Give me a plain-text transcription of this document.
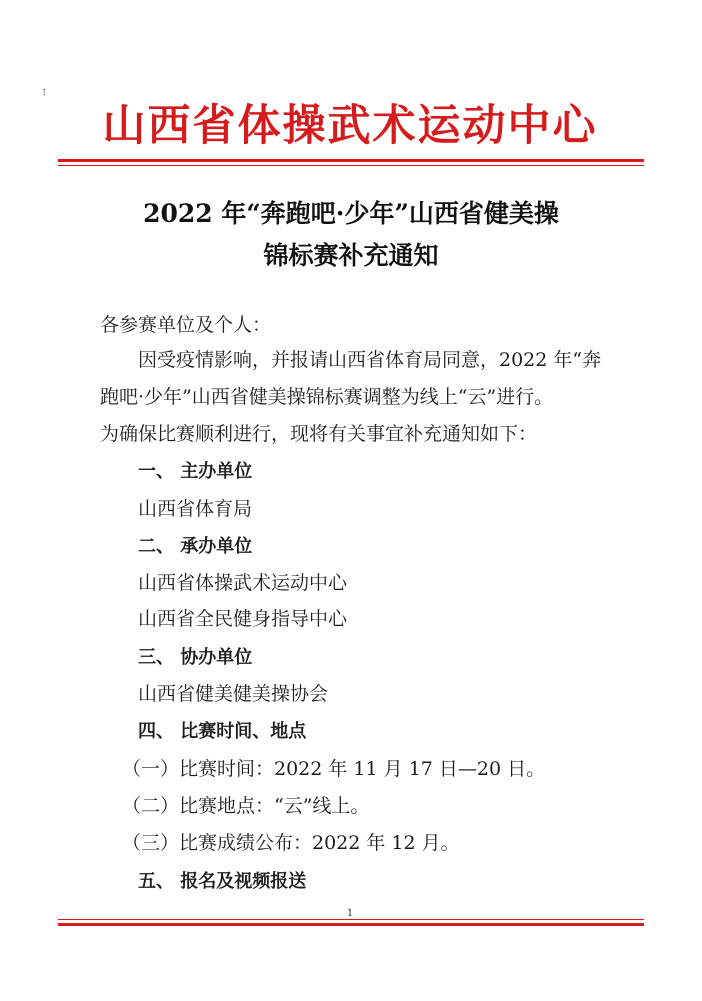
↑
山西省体操武术运动中心
2022 年“奔跑吧·少年”山西省健美操
锦标赛补充通知
各参赛单位及个人：
因受疫情影响，并报请山西省体育局同意，2022 年“奔
跑吧·少年”山西省健美操锦标赛调整为线上“云”进行。
为确保比赛顺利进行，现将有关事宜补充通知如下：
一、 主办单位
山西省体育局
二、 承办单位
山西省体操武术运动中心
山西省全民健身指导中心
三、 协办单位
山西省健美健美操协会
四、 比赛时间、地点
（一）比赛时间：2022 年 11 月 17 日—20 日。
（二）比赛地点：“云”线上。
（三）比赛成绩公布：2022 年 12 月。
五、 报名及视频报送
1
